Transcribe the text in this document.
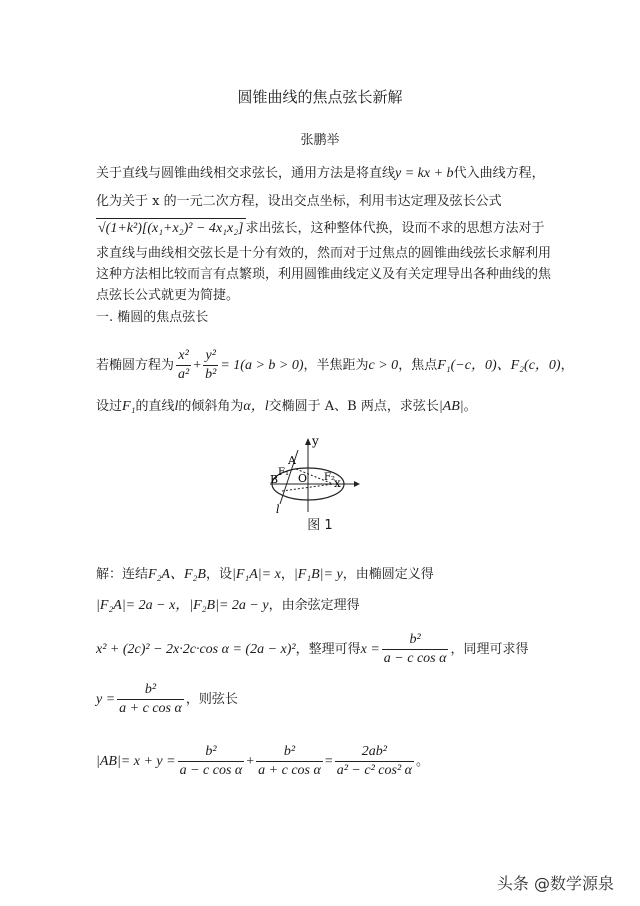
圆锥曲线的焦点弦长新解
张鹏举
关于直线与圆锥曲线相交求弦长，通用方法是将直线y = kx + b代入曲线方程，
化为关于 x 的一元二次方程，设出交点坐标，利用韦达定理及弦长公式
√(1+k²)[(x₁+x₂)² − 4x₁x₂] 求出弦长，这种整体代换，设而不求的思想方法对于
求直线与曲线相交弦长是十分有效的，然而对于过焦点的圆锥曲线弦长求解利用
这种方法相比较而言有点繁琐，利用圆锥曲线定义及有关定理导出各种曲线的焦
点弦长公式就更为简捷。
一. 椭圆的焦点弦长
若椭圆方程为 $\frac{\text{x²}}{\text{a²}} + \frac{\text{y²}}{\text{b²}} = 1(a > b > 0)$，半焦距为c > 0，焦点F₁(−c，0)、F₂(c，0)，
设过F₁的直线l的倾斜角为α，l交椭圆于 A、B 两点，求弦长|AB|。
x
y
A
B
F₁	F₂
O
l
图 1
解：连结F₂A、F₂B，设|F₁A|= x，|F₁B|= y，由椭圆定义得
|F₂A|= 2a − x，|F₂B|= 2a − y，由余弦定理得
x² + (2c)² − 2x·2c·cos α = (2a − x)²，整理可得$x = \frac{\text{b²}}{\text{a − c cos α}}$ ，同理可求得
$y = \frac{\text{b²}}{\text{a + c cos α}}$ ，则弦长
$|AB|= x + y = \frac{\text{b²}}{\text{a − c cos α}} + \frac{\text{b²}}{\text{a + c cos α}} = \frac{\text{2ab²}}{\text{a² − c² cos² α}}$ 。
头条 @数学源泉
